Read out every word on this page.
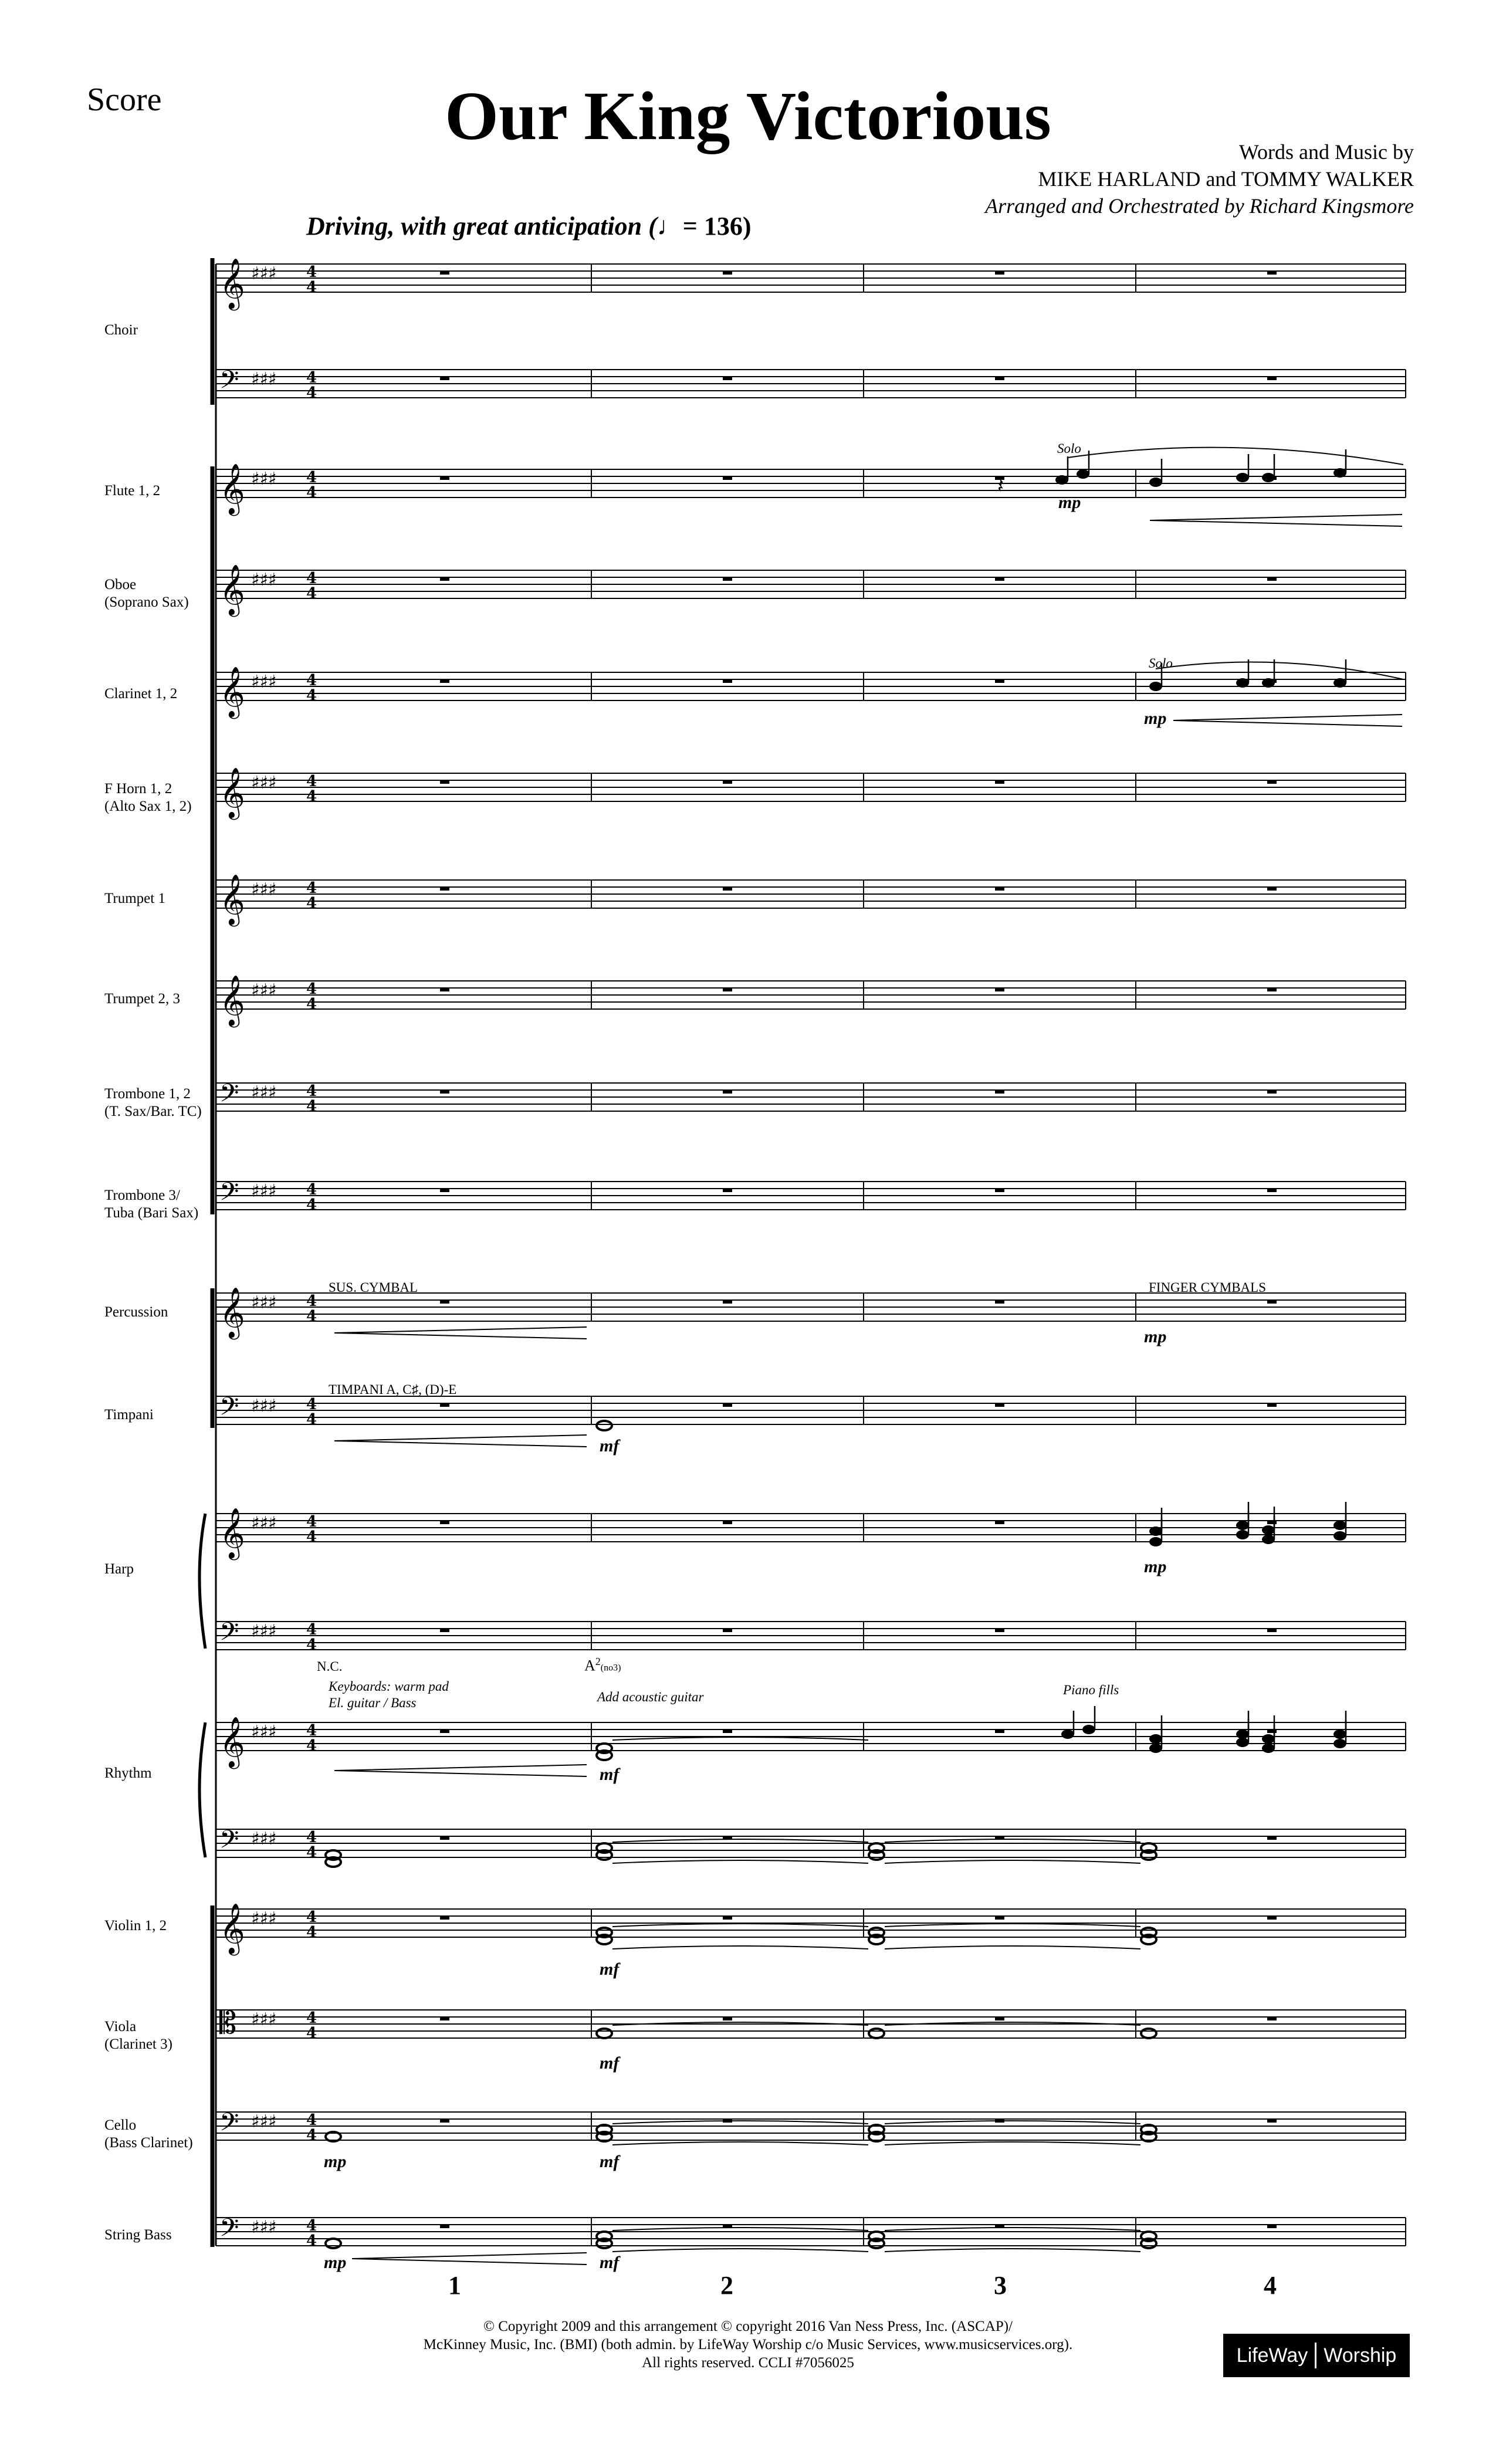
Score	Our King Victorious	Words and Music by
MIKE HARLAND and TOMMY WALKER
Arranged and Orchestrated by Richard Kingsmore
Driving, with great anticipation (♩= 136)
𝄞 ♯♯♯ 4
4
𝄢 ♯♯♯ 4
4
𝄞 ♯♯♯ 4
4
𝄞 ♯♯♯ 4
4
𝄞 ♯♯♯ 4
4
𝄞 ♯♯♯ 4
4
𝄞 ♯♯♯ 4
4
𝄞 ♯♯♯ 4
4
𝄢 ♯♯♯ 4
4
𝄢 ♯♯♯ 4
4
𝄞 ♯♯♯ 4
4
𝄢 ♯♯♯ 4
4
𝄞 ♯♯♯ 4
4
𝄢 ♯♯♯ 4
4
𝄞 ♯♯♯ 4
4
𝄢 ♯♯♯ 4
4
𝄞 ♯♯♯ 4
4
𝄡 ♯♯♯ 4
4
𝄢 ♯♯♯ 4
4
𝄢 ♯♯♯ 4
4
𝄽
Choir
Flute 1, 2
Oboe
(Soprano Sax)
Clarinet 1, 2
F Horn 1, 2
(Alto Sax 1, 2)
Trumpet 1
Trumpet 2, 3
Trombone 1, 2
(T. Sax/Bar. TC)
Trombone 3/
Tuba (Bari Sax)
Percussion
Timpani
Harp
Rhythm
Violin 1, 2
Viola
(Clarinet 3)
Cello
(Bass Clarinet)
String Bass
Solo
Solo
SUS. CYMBAL	FINGER CYMBALS
TIMPANI A, C♯, (D)-E
N.C.
Keyboards: warm pad
El. guitar / Bass
$A^2(no3)$
Add acoustic guitar	Piano fills
mp
mp
mp
mf
mp
mf
mf
mf
mp	mf
mp	mf
1	2	3	4
© Copyright 2009 and this arrangement © copyright 2016 Van Ness Press, Inc. (ASCAP)/
McKinney Music, Inc. (BMI) (both admin. by LifeWay Worship c/o Music Services, www.musicservices.org).
All rights reserved. CCLI #7056025	LifeWay Worship
